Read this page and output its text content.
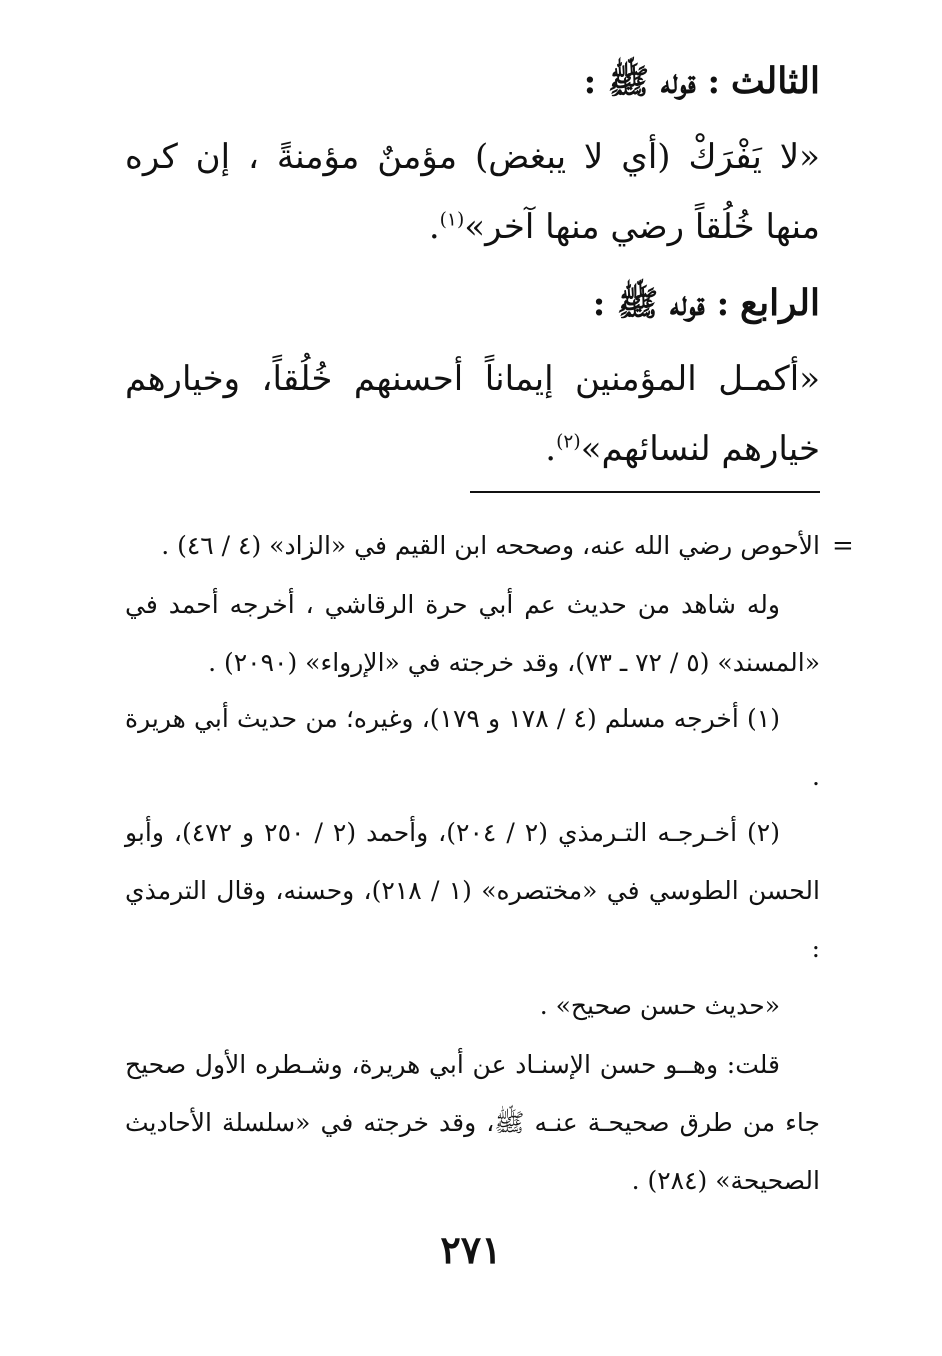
الثالث : قوله ﷺ :
«لا يَفْرَكْ (أي لا يبغض) مؤمنٌ مؤمنةً ، إن كره منها خُلُقاً رضي منها آخر»$^{(١)}$.
الرابع : قوله ﷺ :
«أكمـل المؤمنين إيماناً أحسنهم خُلُقاً، وخيارهم خيارهم لنسائهم»$^{(٢)}$.
=
الأحوص رضي الله عنه، وصححه ابن القيم في «الزاد» (٤ / ٤٦) .
وله شاهد من حديث عم أبي حرة الرقاشي ، أخرجه أحمد في «المسند» (٥ / ٧٢ ـ ٧٣)، وقد خرجته في «الإرواء» (٢٠٩٠) .
(١) أخرجه مسلم (٤ / ١٧٨ و ١٧٩)، وغيره؛ من حديث أبي هريرة .
(٢) أخـرجـه التـرمذي (٢ / ٢٠٤)، وأحمد (٢ / ٢٥٠ و ٤٧٢)، وأبو الحسن الطوسي في «مختصره» (١ / ٢١٨)، وحسنه، وقال الترمذي :
«حديث حسن صحيح» .
قلت: وهــو حسن الإسنـاد عن أبي هريرة، وشـطره الأول صحيح جاء من طرق صحيحـة عنـه ﷺ، وقد خرجته في «سلسلة الأحاديث الصحيحة» (٢٨٤) .
٢٧١
